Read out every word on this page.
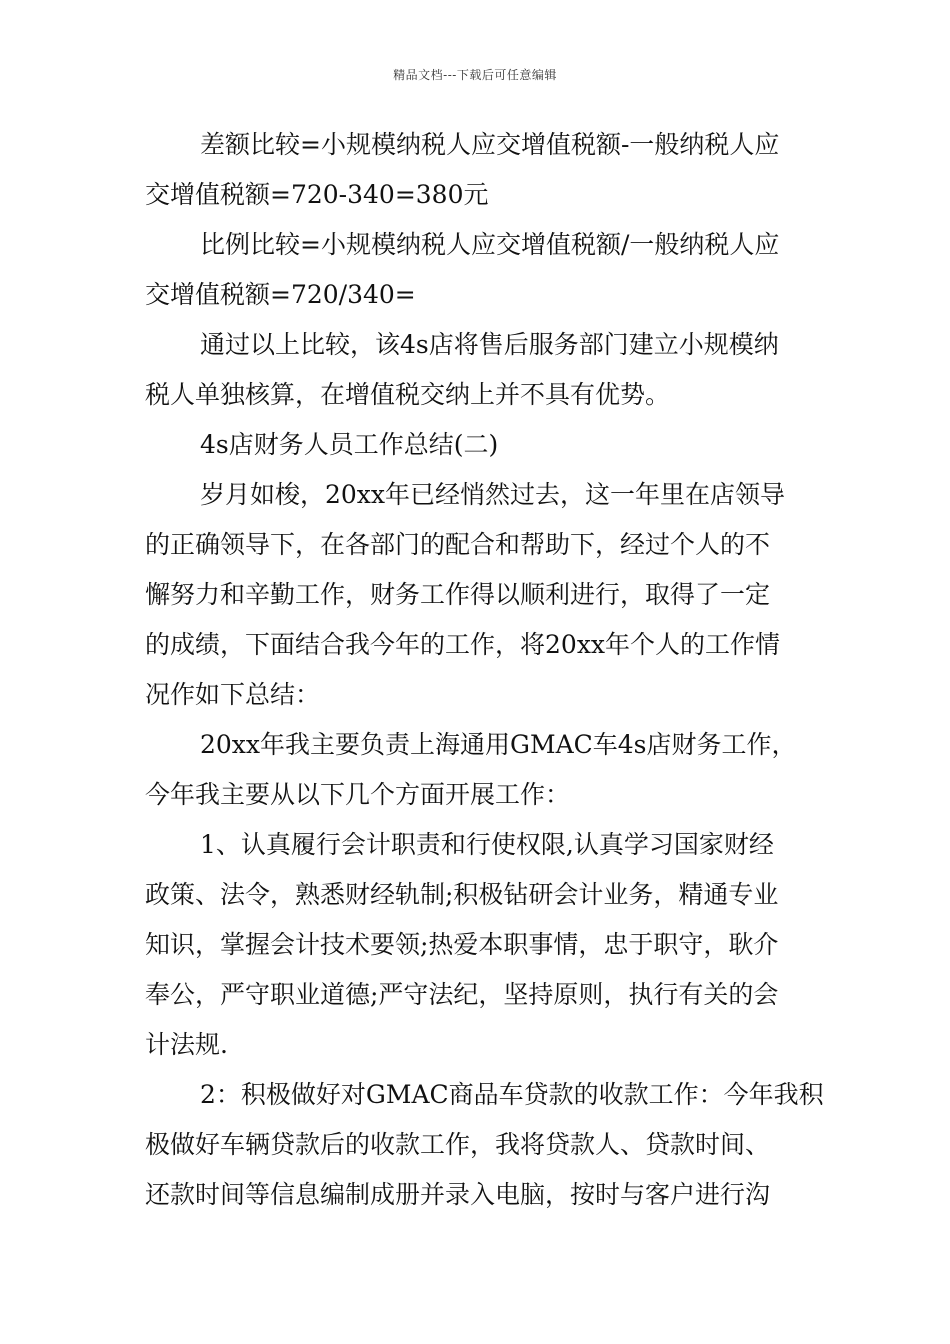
精品文档---下载后可任意编辑
差额比较=小规模纳税人应交增值税额-一般纳税人应
交增值税额=720-340=380元
比例比较=小规模纳税人应交增值税额/一般纳税人应
交增值税额=720/340=
通过以上比较，该4s店将售后服务部门建立小规模纳
税人单独核算，在增值税交纳上并不具有优势。
4s店财务人员工作总结(二)
岁月如梭，20xx年已经悄然过去，这一年里在店领导
的正确领导下，在各部门的配合和帮助下，经过个人的不
懈努力和辛勤工作，财务工作得以顺利进行，取得了一定
的成绩，下面结合我今年的工作，将20xx年个人的工作情
况作如下总结：
20xx年我主要负责上海通用GMAC车4s店财务工作，
今年我主要从以下几个方面开展工作：
1、认真履行会计职责和行使权限,认真学习国家财经
政策、法令，熟悉财经轨制;积极钻研会计业务，精通专业
知识，掌握会计技术要领;热爱本职事情，忠于职守，耿介
奉公，严守职业道德;严守法纪，坚持原则，执行有关的会
计法规.
2：积极做好对GMAC商品车贷款的收款工作：今年我积
极做好车辆贷款后的收款工作，我将贷款人、贷款时间、
还款时间等信息编制成册并录入电脑，按时与客户进行沟
